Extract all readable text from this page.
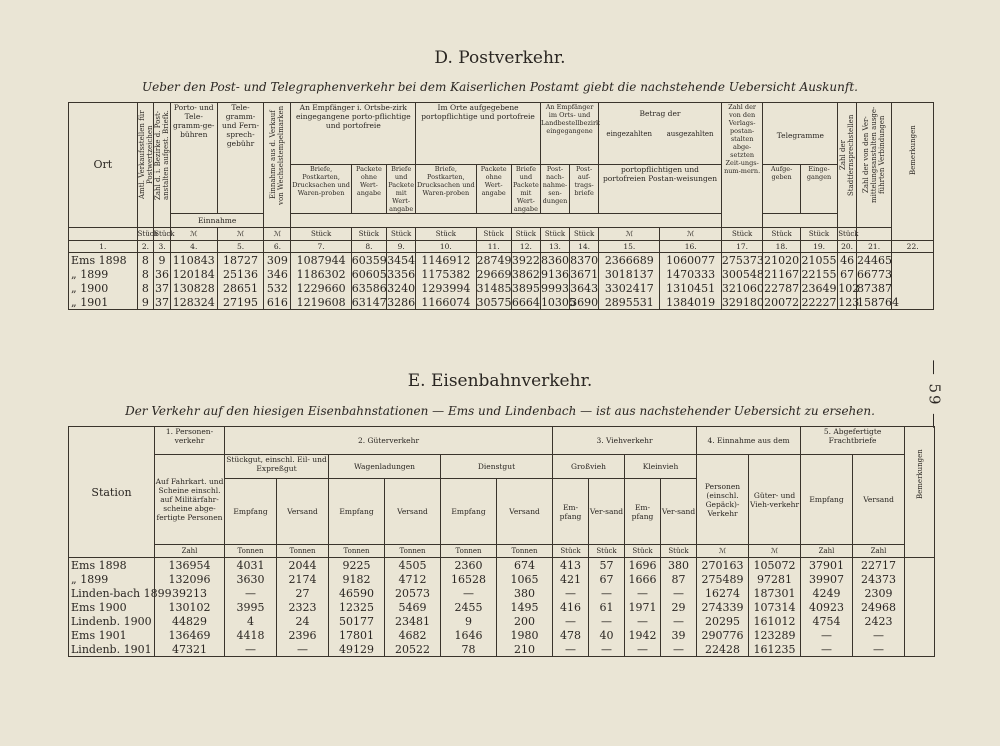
— 59 —
D. Postverkehr.
Ueber den Post- und Telegraphenverkehr bei dem Kaiserlichen Postamt giebt die nachstehende Uebersicht Auskunft.
Ort	Amtl. Verkaufsstellen für Postwertzeichen	Zahl d. i. Bezirke d. Post-anstalten aufgest. Briefk.	Porto- und Tele-gramm-ge-bühren	Tele-gramm- und Fern-sprech-gebühr	Einnahme aus d. Verkauf von Wechselstempelmarken	An Empfänger i. Ortsbe-zirk eingegangene porto-pflichtige und portofreie			Im Orte aufgegebene portopflichtige und portofreie			An Empfänger im Orts- und Landbestellbezirk eingegangene		Betrag der
eingezahlten ausgezahlten		Zahl der von den Verlags-postan-stalten abge-setzten Zeit-ungs-num-mern.	Telegramme		Zahl der Stadtfernsprechstellen	Zahl der von den Ver-mittelungsanstalten ausge-führten Verbindungen	Bemerkungen

						Briefe, Postkarten, Drucksachen und Waren-proben	Packete ohne Wert-angabe	Briefe und Packete mit Wert-angabe	Briefe, Postkarten, Drucksachen und Waren-proben	Packete ohne Wert-angabe	Briefe und Packete mit Wert-angabe	Post-nach-nahme-sen-dungen	Post-auf-trags-briefe	portopflichtigen und portofreien Postan-weisungen			Aufge-geben	Einge-gangen			
			Einnahme																		
	Stück	Stück	ℳ	ℳ	ℳ	Stück	Stück	Stück	Stück	Stück	Stück	Stück	Stück	ℳ	ℳ	Stück	Stück	Stück	Stück		
1.	2.	3.	4.	5.	6.	7.	8.	9.	10.	11.	12.	13.	14.	15.	16.	17.	18.	19.	20.	21.	22.
Ems 1898	8	9	110843	18727	309	1087944	60359	3454	1146912	28749	3922	8360	8370	2366689	1060077	275373	21020	21055	46	24465	
„ 1899	8	36	120184	25136	346	1186302	60605	3356	1175382	29669	3862	9136	3671	3018137	1470333	300548	21167	22155	67	66773	
„ 1900	8	37	130828	28651	532	1229660	63586	3240	1293994	31485	3895	9993	3643	3302417	1310451	321060	22787	23649	102	87387	
„ 1901	9	37	128324	27195	616	1219608	63147	3286	1166074	30575	6664	10305	3690	2895531	1384019	329180	20072	22227	123	158764	
E. Eisenbahnverkehr.
Der Verkehr auf den hiesigen Eisenbahnstationen — Ems und Lindenbach — ist aus nachstehender Uebersicht zu ersehen.
Station	1. Personen-verkehr	2. Güterverkehr						3. Viehverkehr				4. Einnahme aus dem		5. Abgefertigte Frachtbriefe		Bemerkungen

	Auf Fahrkart. und Scheine einschl. auf Militärfahr-scheine abge-fertigte Personen	Stückgut, einschl. Eil- und Expreßgut		Wagenladungen		Dienstgut		Großvieh		Kleinvieh		Personen (einschl. Gepäck)-Verkehr	Güter- und Vieh-verkehr	Empfang	Versand	
		Empfang	Versand	Empfang	Versand	Empfang	Versand	Em-pfang	Ver-sand	Em-pfang	Ver-sand					
	Zahl	Tonnen	Tonnen	Tonnen	Tonnen	Tonnen	Tonnen	Stück	Stück	Stück	Stück	ℳ	ℳ	Zahl	Zahl	
Ems 1898	136954	4031	2044	9225	4505	2360	674	413	57	1696	380	270163	105072	37901	22717	
„ 1899	132096	3630	2174	9182	4712	16528	1065	421	67	1666	87	275489	97281	39907	24373	
Linden-bach 1899	39213	—	27	46590	20573	—	380	—	—	—	—	16274	187301	4249	2309	
Ems 1900	130102	3995	2323	12325	5469	2455	1495	416	61	1971	29	274339	107314	40923	24968	
Lindenb. 1900	44829	4	24	50177	23481	9	200	—	—	—	—	20295	161012	4754	2423	
Ems 1901	136469	4418	2396	17801	4682	1646	1980	478	40	1942	39	290776	123289	—	—	
Lindenb. 1901	47321	—	—	49129	20522	78	210	—	—	—	—	22428	161235	—	—	
